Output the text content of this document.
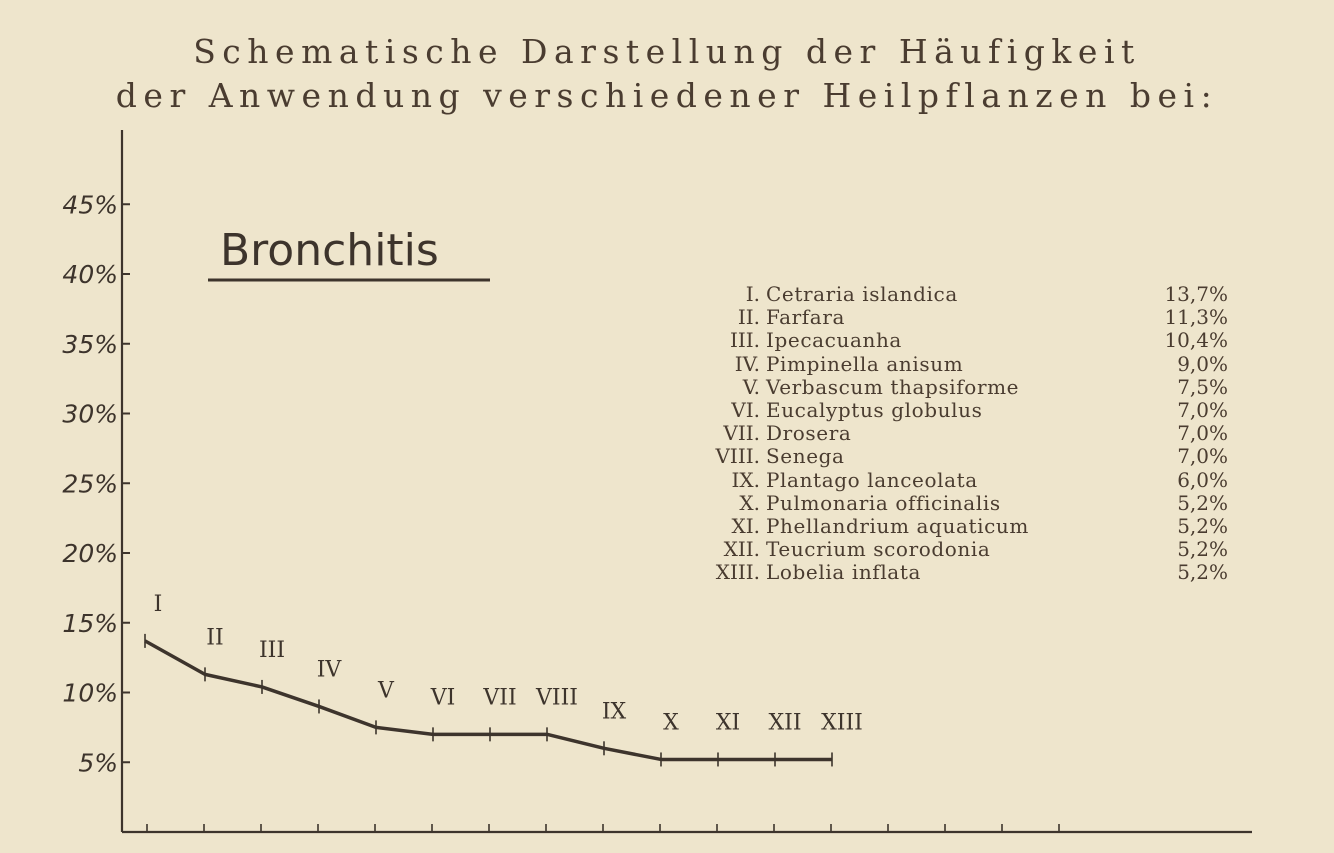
Schematische Darstellung der Häufigkeit
der Anwendung verschiedener Heilpflanzen bei:
5%
10%
15%
20%
25%
30%
35%
40%
45%
I
II
III
IV
V VI VII VIII
IX X XI XII XIII
Bronchitis
I. Cetraria islandica	13,7%
II. Farfara	11,3%
III. Ipecacuanha	10,4%
IV. Pimpinella anisum	9,0%
V. Verbascum thapsiforme	7,5%
VI. Eucalyptus globulus	7,0%
VII. Drosera	7,0%
VIII. Senega	7,0%
IX. Plantago lanceolata	6,0%
X. Pulmonaria officinalis	5,2%
XI. Phellandrium aquaticum	5,2%
XII. Teucrium scorodonia	5,2%
XIII. Lobelia inflata	5,2%
